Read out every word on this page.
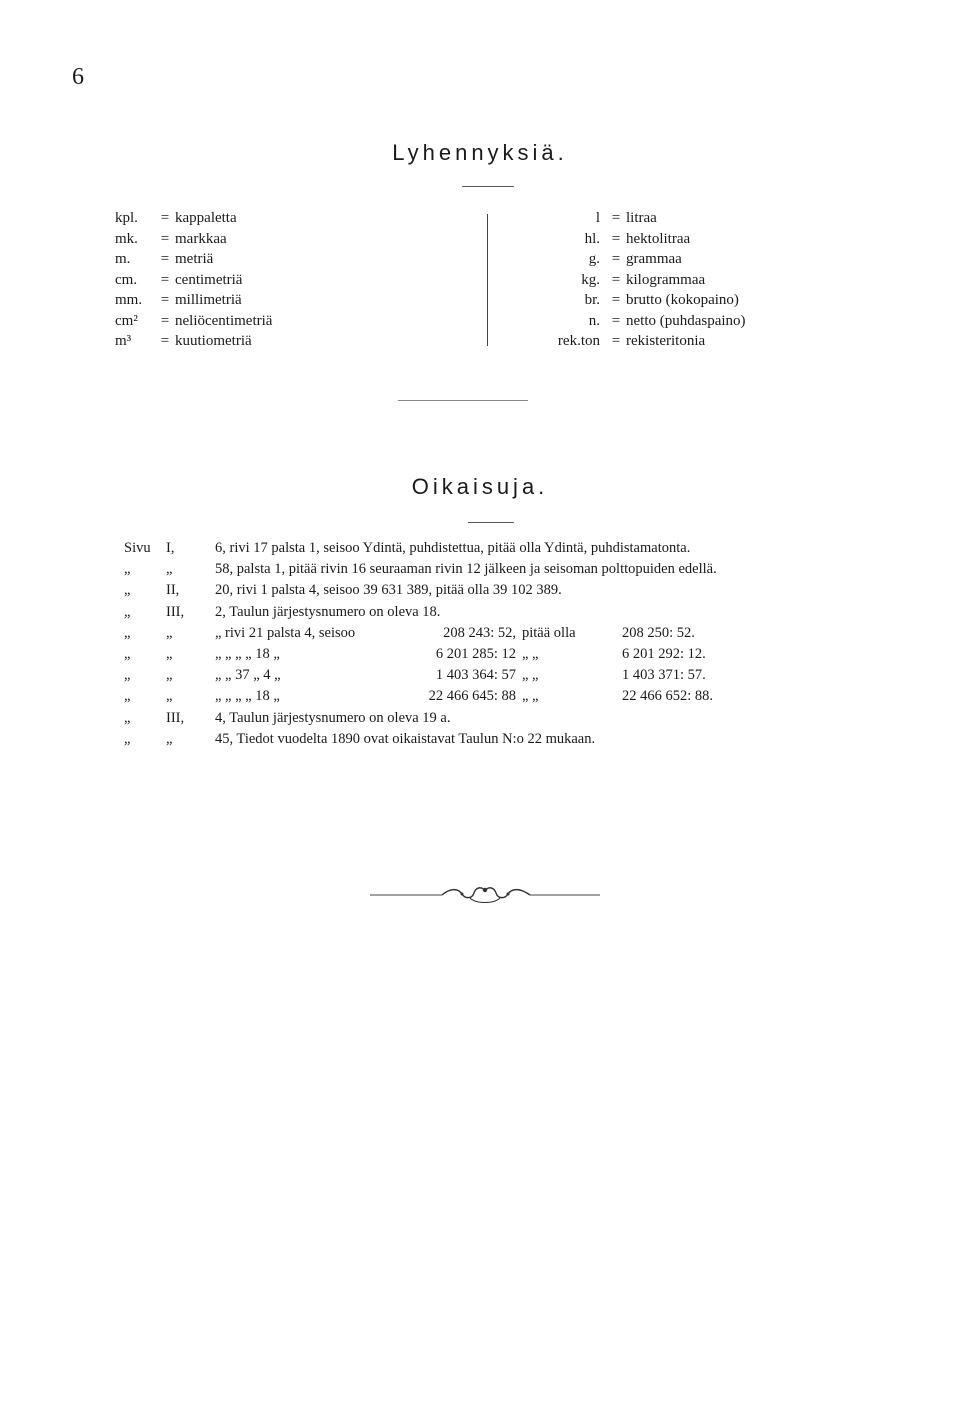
6
Lyhennyksiä.
kpl. = kappaletta
mk. = markkaa
m. = metriä
cm. = centimetriä
mm. = millimetriä
cm² = neliöcentimetriä
m³ = kuutiometriä
l = litraa
hl. = hektolitraa
g. = grammaa
kg. = kilogrammaa
br. = brutto (kokopaino)
n. = netto (puhdaspaino)
rek.ton = rekisteritonia
Oikaisuja.
Sivu I,	6, rivi 17 palsta 1, seisoo Ydintä, puhdistettua, pitää olla Ydintä, puhdistamatonta.
„ „	58, palsta 1, pitää rivin 16 seuraaman rivin 12 jälkeen ja seisoman polttopuiden edellä.
„ II,	20, rivi 1 palsta 4, seisoo 39 631 389, pitää olla 39 102 389.
„ III,	2, Taulun järjestysnumero on oleva 18.
„ „	„ rivi 21 palsta 4, seisoo	208 243: 52, pitää olla	208 250: 52.
„ „	„ „ „ „ 18 „	6 201 285: 12 „ „	6 201 292: 12.
„ „	„ „ 37 „ 4 „	1 403 364: 57 „ „	1 403 371: 57.
„ „	„ „ „ „ 18 „	22 466 645: 88 „ „	22 466 652: 88.
„ III,	4, Taulun järjestysnumero on oleva 19 a.
„ „	45, Tiedot vuodelta 1890 ovat oikaistavat Taulun N:o 22 mukaan.
